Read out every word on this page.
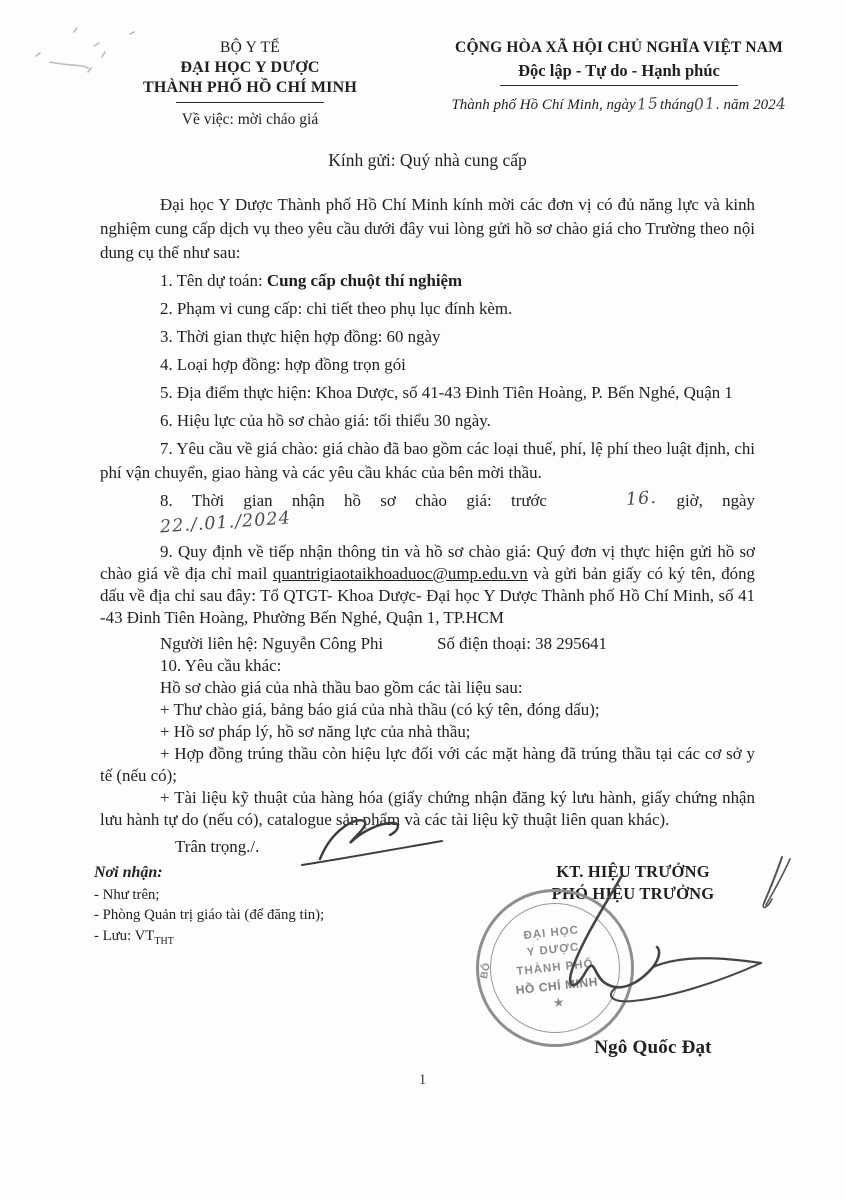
BỘ Y TẾ
ĐẠI HỌC Y DƯỢC
THÀNH PHỐ HỒ CHÍ MINH
Về việc: mời cháo giá
CỘNG HÒA XÃ HỘI CHỦ NGHĨA VIỆT NAM
Độc lập - Tự do - Hạnh phúc
Thành phố Hồ Chí Minh, ngày 15 tháng01. năm 2024
Kính gửi: Quý nhà cung cấp

Đại học Y Dược Thành phố Hồ Chí Minh kính mời các đơn vị có đủ năng lực và kinh nghiệm cung cấp dịch vụ theo yêu cầu dưới đây vui lòng gửi hồ sơ chào giá cho Trường theo nội dung cụ thể như sau:

1. Tên dự toán: Cung cấp chuột thí nghiệm

2. Phạm vi cung cấp: chi tiết theo phụ lục đính kèm.

3. Thời gian thực hiện hợp đồng: 60 ngày

4. Loại hợp đồng: hợp đồng trọn gói

5. Địa điểm thực hiện: Khoa Dược, số 41-43 Đinh Tiên Hoàng, P. Bến Nghé, Quận 1

6. Hiệu lực của hồ sơ chào giá: tối thiểu 30 ngày.

7. Yêu cầu về giá chào: giá chào đã bao gồm các loại thuế, phí, lệ phí theo luật định, chi phí vận chuyển, giao hàng và các yêu cầu khác của bên mời thầu.

8. Thời gian nhận hồ sơ chào giá: trước	16. giờ, ngày 22./.01./2024

9. Quy định về tiếp nhận thông tin và hồ sơ chào giá: Quý đơn vị thực hiện gửi hồ sơ chào giá về địa chỉ mail quantrigiaotaikhoaduoc@ump.edu.vn và gửi bản giấy có ký tên, đóng dấu về địa chỉ sau đây: Tổ QTGT- Khoa Dược- Đại học Y Dược Thành phố Hồ Chí Minh, số 41 -43 Đinh Tiên Hoàng, Phường Bến Nghé, Quận 1, TP.HCM

Người liên hệ: Nguyễn Công Phi	Số điện thoại: 38 295641

10. Yêu cầu khác:

Hồ sơ chào giá của nhà thầu bao gồm các tài liệu sau:

+ Thư chào giá, bảng báo giá của nhà thầu (có ký tên, đóng dấu);

+ Hồ sơ pháp lý, hồ sơ năng lực của nhà thầu;

+ Hợp đồng trúng thầu còn hiệu lực đối với các mặt hàng đã trúng thầu tại các cơ sở y tế (nếu có);

+ Tài liệu kỹ thuật của hàng hóa (giấy chứng nhận đăng ký lưu hành, giấy chứng nhận lưu hành tự do (nếu có), catalogue sản phẩm và các tài liệu kỹ thuật liên quan khác).

Trân trọng./.
Nơi nhận:
- Như trên;
- Phòng Quản trị giáo tài (để đăng tin);
- Lưu: $VT_{THT}$
KT. HIỆU TRƯỞNG
PHÓ HIỆU TRƯỞNG
BỘ
ĐẠI HỌC
Y DƯỢC
THÀNH PHỐ
HỒ CHÍ MINH
★
Ngô Quốc Đạt
1
